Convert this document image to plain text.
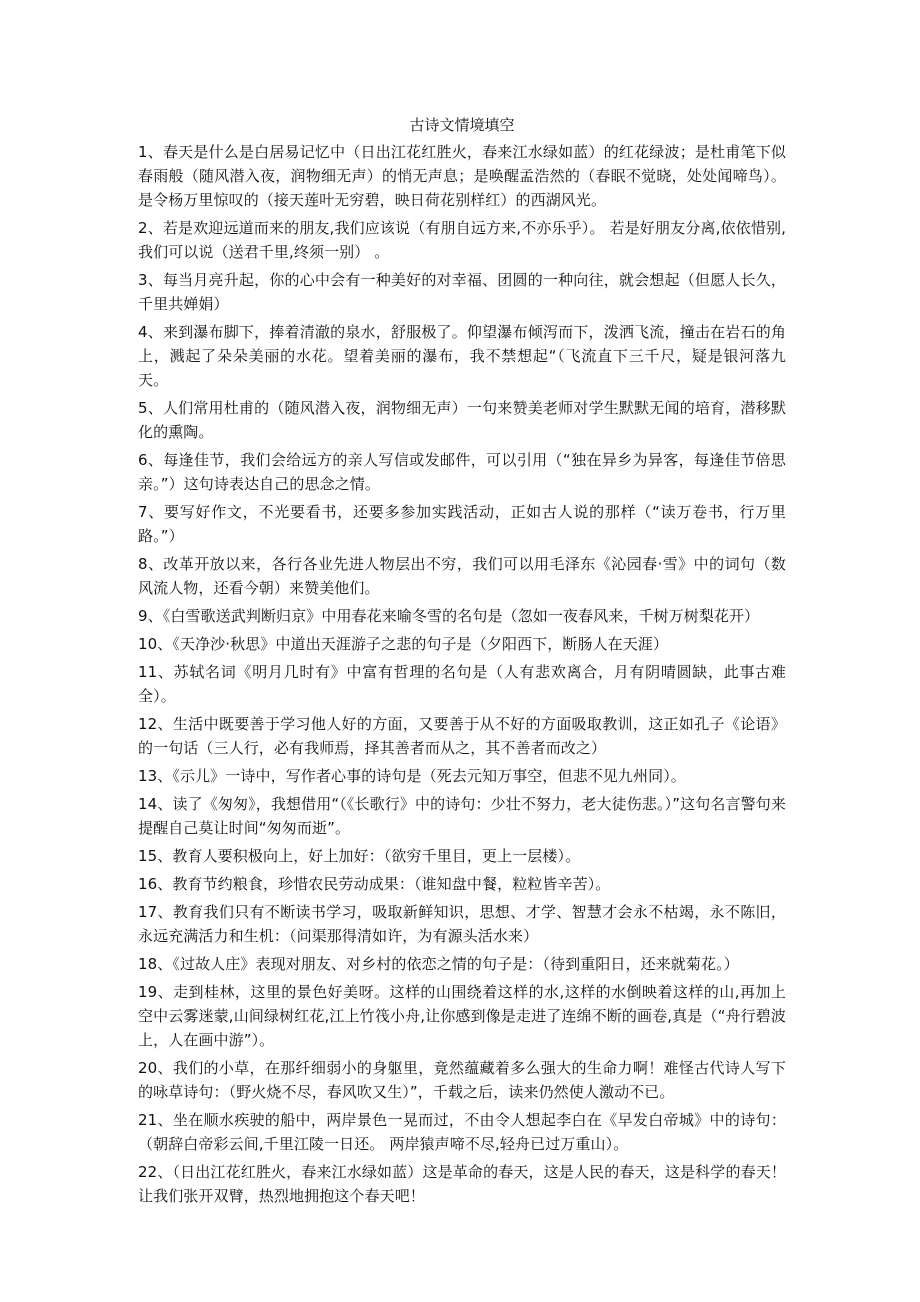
古诗文情境填空
1、春天是什么是白居易记忆中（日出江花红胜火，春来江水绿如蓝）的红花绿波；是杜甫笔下似春雨般（随风潜入夜，润物细无声）的悄无声息；是唤醒孟浩然的（春眠不觉晓，处处闻啼鸟）。 是令杨万里惊叹的（接天莲叶无穷碧，映日荷花别样红）的西湖风光。
2、若是欢迎远道而来的朋友,我们应该说（有朋自远方来,不亦乐乎）。 若是好朋友分离,依依惜别,我们可以说（送君千里,终须一别） 。
3、每当月亮升起，你的心中会有一种美好的对幸福、团圆的一种向往，就会想起（但愿人长久，千里共婵娟）
4、来到瀑布脚下，捧着清澈的泉水，舒服极了。仰望瀑布倾泻而下，泼洒飞流，撞击在岩石的角上，溅起了朵朵美丽的水花。望着美丽的瀑布，我不禁想起“（飞流直下三千尺，疑是银河落九天。
5、人们常用杜甫的（随风潜入夜，润物细无声）一句来赞美老师对学生默默无闻的培育，潜移默化的熏陶。
6、每逢佳节，我们会给远方的亲人写信或发邮件，可以引用（“独在异乡为异客，每逢佳节倍思亲。”）这句诗表达自己的思念之情。
7、要写好作文，不光要看书，还要多参加实践活动，正如古人说的那样（“读万卷书，行万里路。”）
8、改革开放以来，各行各业先进人物层出不穷，我们可以用毛泽东《沁园春·雪》中的词句（数风流人物，还看今朝）来赞美他们。
9、《白雪歌送武判断归京》中用春花来喻冬雪的名句是（忽如一夜春风来，千树万树梨花开）
10、《天净沙·秋思》中道出天涯游子之悲的句子是（夕阳西下，断肠人在天涯）
11、苏轼名词《明月几时有》中富有哲理的名句是（人有悲欢离合，月有阴晴圆缺，此事古难全）。
12、生活中既要善于学习他人好的方面，又要善于从不好的方面吸取教训，这正如孔子《论语》的一句话（三人行，必有我师焉，择其善者而从之，其不善者而改之）
13、《示儿》一诗中，写作者心事的诗句是（死去元知万事空，但悲不见九州同）。
14、读了《匆匆》，我想借用“（《长歌行》中的诗句：少壮不努力，老大徒伤悲。）”这句名言警句来提醒自己莫让时间“匆匆而逝”。
15、教育人要积极向上，好上加好：（欲穷千里目，更上一层楼）。
16、教育节约粮食，珍惜农民劳动成果：（谁知盘中餐，粒粒皆辛苦）。
17、教育我们只有不断读书学习，吸取新鲜知识，思想、才学、智慧才会永不枯竭，永不陈旧，永远充满活力和生机：（问渠那得清如许，为有源头活水来）
18、《过故人庄》表现对朋友、对乡村的依恋之情的句子是：（待到重阳日，还来就菊花。）
19、走到桂林，这里的景色好美呀。这样的山围绕着这样的水,这样的水倒映着这样的山,再加上空中云雾迷蒙,山间绿树红花,江上竹筏小舟,让你感到像是走进了连绵不断的画卷,真是（“舟行碧波上，人在画中游”）。
20、我们的小草，在那纤细弱小的身躯里，竟然蕴藏着多么强大的生命力啊！难怪古代诗人写下的咏草诗句：（野火烧不尽，春风吹又生）”，千载之后，读来仍然使人激动不已。
21、坐在顺水疾驶的船中，两岸景色一晃而过，不由令人想起李白在《早发白帝城》中的诗句：（朝辞白帝彩云间,千里江陵一日还。 两岸猿声啼不尽,轻舟已过万重山）。
22、（日出江花红胜火，春来江水绿如蓝）这是革命的春天，这是人民的春天，这是科学的春天！让我们张开双臂，热烈地拥抱这个春天吧！
